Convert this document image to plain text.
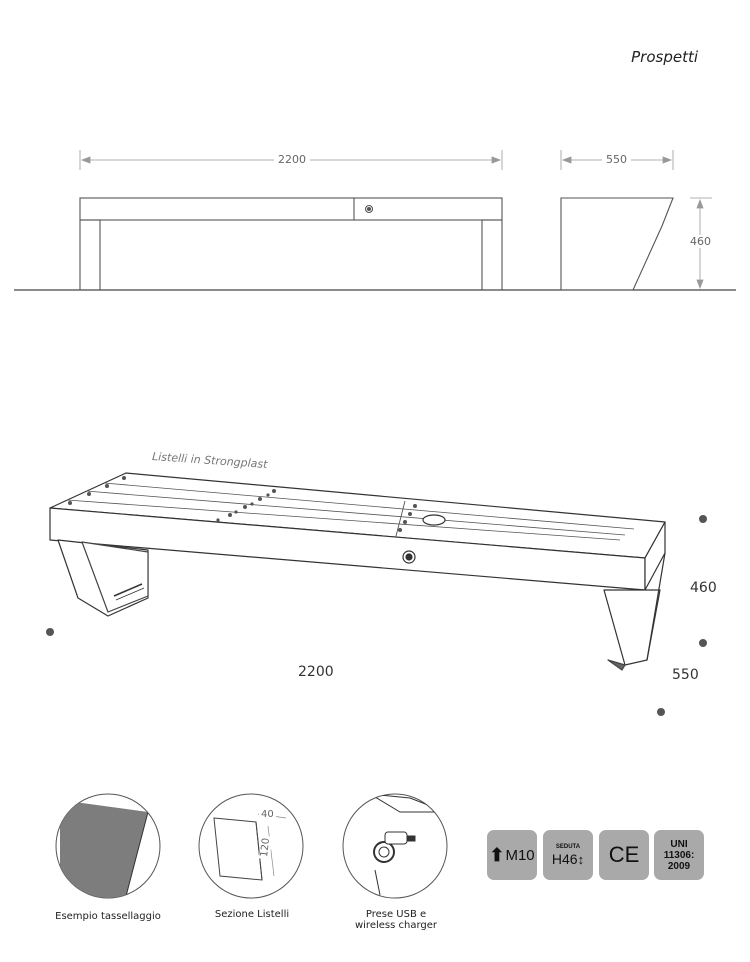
Prospetti
2200	550
460
Listelli in Strongplast
2200
460
550
Esempio tassellaggio	Sezione Listelli
40
120
Prese USB e
wireless charger
⬆ M10	SEDUTA
H46↕ CE	UNI
11306:
2009
